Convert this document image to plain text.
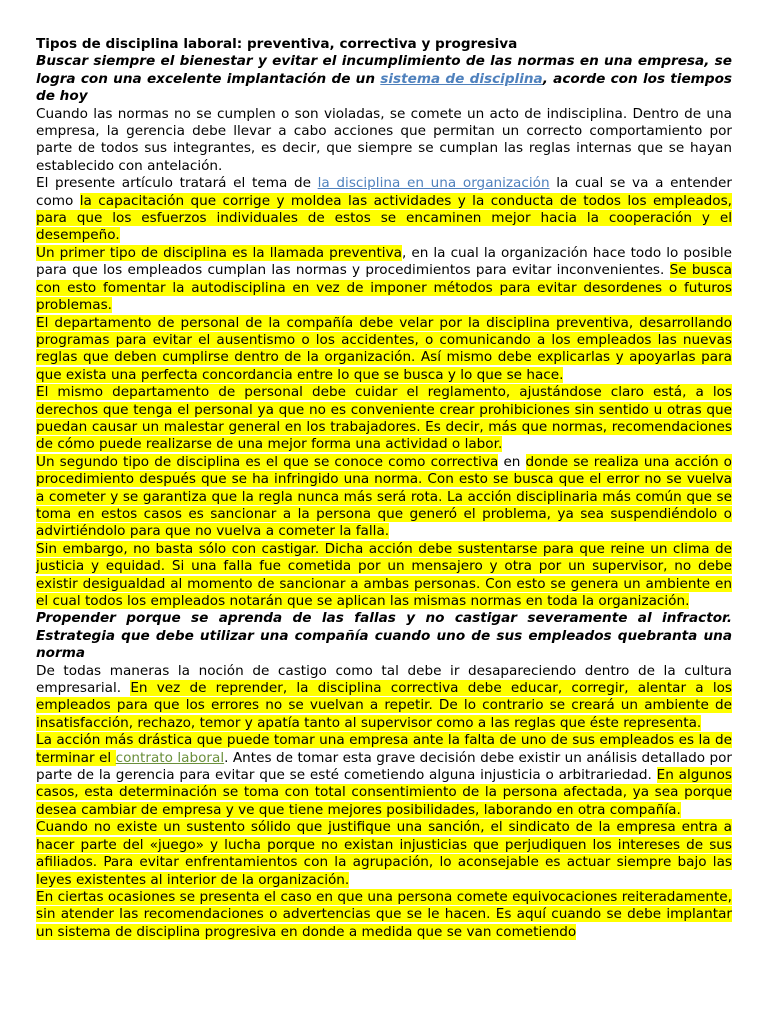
Tipos de disciplina laboral: preventiva, correctiva y progresiva

Buscar siempre el bienestar y evitar el incumplimiento de las normas en una empresa, se logra con una excelente implantación de un sistema de disciplina, acorde con los tiempos de hoy

Cuando las normas no se cumplen o son violadas, se comete un acto de indisciplina. Dentro de una empresa, la gerencia debe llevar a cabo acciones que permitan un correcto comportamiento por parte de todos sus integrantes, es decir, que siempre se cumplan las reglas internas que se hayan establecido con antelación.

El presente artículo tratará el tema de la disciplina en una organización la cual se va a entender como la capacitación que corrige y moldea las actividades y la conducta de todos los empleados, para que los esfuerzos individuales de estos se encaminen mejor hacia la cooperación y el desempeño.

Un primer tipo de disciplina es la llamada preventiva, en la cual la organización hace todo lo posible para que los empleados cumplan las normas y procedimientos para evitar inconvenientes. Se busca con esto fomentar la autodisciplina en vez de imponer métodos para evitar desordenes o futuros problemas.

El departamento de personal de la compañía debe velar por la disciplina preventiva, desarrollando programas para evitar el ausentismo o los accidentes, o comunicando a los empleados las nuevas reglas que deben cumplirse dentro de la organización. Así mismo debe explicarlas y apoyarlas para que exista una perfecta concordancia entre lo que se busca y lo que se hace.

El mismo departamento de personal debe cuidar el reglamento, ajustándose claro está, a los derechos que tenga el personal ya que no es conveniente crear prohibiciones sin sentido u otras que puedan causar un malestar general en los trabajadores. Es decir, más que normas, recomendaciones de cómo puede realizarse de una mejor forma una actividad o labor.

Un segundo tipo de disciplina es el que se conoce como correctiva en donde se realiza una acción o procedimiento después que se ha infringido una norma. Con esto se busca que el error no se vuelva a cometer y se garantiza que la regla nunca más será rota. La acción disciplinaria más común que se toma en estos casos es sancionar a la persona que generó el problema, ya sea suspendiéndolo o advirtiéndolo para que no vuelva a cometer la falla.

Sin embargo, no basta sólo con castigar. Dicha acción debe sustentarse para que reine un clima de justicia y equidad. Si una falla fue cometida por un mensajero y otra por un supervisor, no debe existir desigualdad al momento de sancionar a ambas personas. Con esto se genera un ambiente en el cual todos los empleados notarán que se aplican las mismas normas en toda la organización.

Propender porque se aprenda de las fallas y no castigar severamente al infractor. Estrategia que debe utilizar una compañía cuando uno de sus empleados quebranta una norma

De todas maneras la noción de castigo como tal debe ir desapareciendo dentro de la cultura empresarial. En vez de reprender, la disciplina correctiva debe educar, corregir, alentar a los empleados para que los errores no se vuelvan a repetir. De lo contrario se creará un ambiente de insatisfacción, rechazo, temor y apatía tanto al supervisor como a las reglas que éste representa.

La acción más drástica que puede tomar una empresa ante la falta de uno de sus empleados es la de terminar el contrato laboral. Antes de tomar esta grave decisión debe existir un análisis detallado por parte de la gerencia para evitar que se esté cometiendo alguna injusticia o arbitrariedad. En algunos casos, esta determinación se toma con total consentimiento de la persona afectada, ya sea porque desea cambiar de empresa y ve que tiene mejores posibilidades, laborando en otra compañía.

Cuando no existe un sustento sólido que justifique una sanción, el sindicato de la empresa entra a hacer parte del «juego» y lucha porque no existan injusticias que perjudiquen los intereses de sus afiliados. Para evitar enfrentamientos con la agrupación, lo aconsejable es actuar siempre bajo las leyes existentes al interior de la organización.

En ciertas ocasiones se presenta el caso en que una persona comete equivocaciones reiteradamente, sin atender las recomendaciones o advertencias que se le hacen. Es aquí cuando se debe implantar un sistema de disciplina progresiva en donde a medida que se van cometiendo
